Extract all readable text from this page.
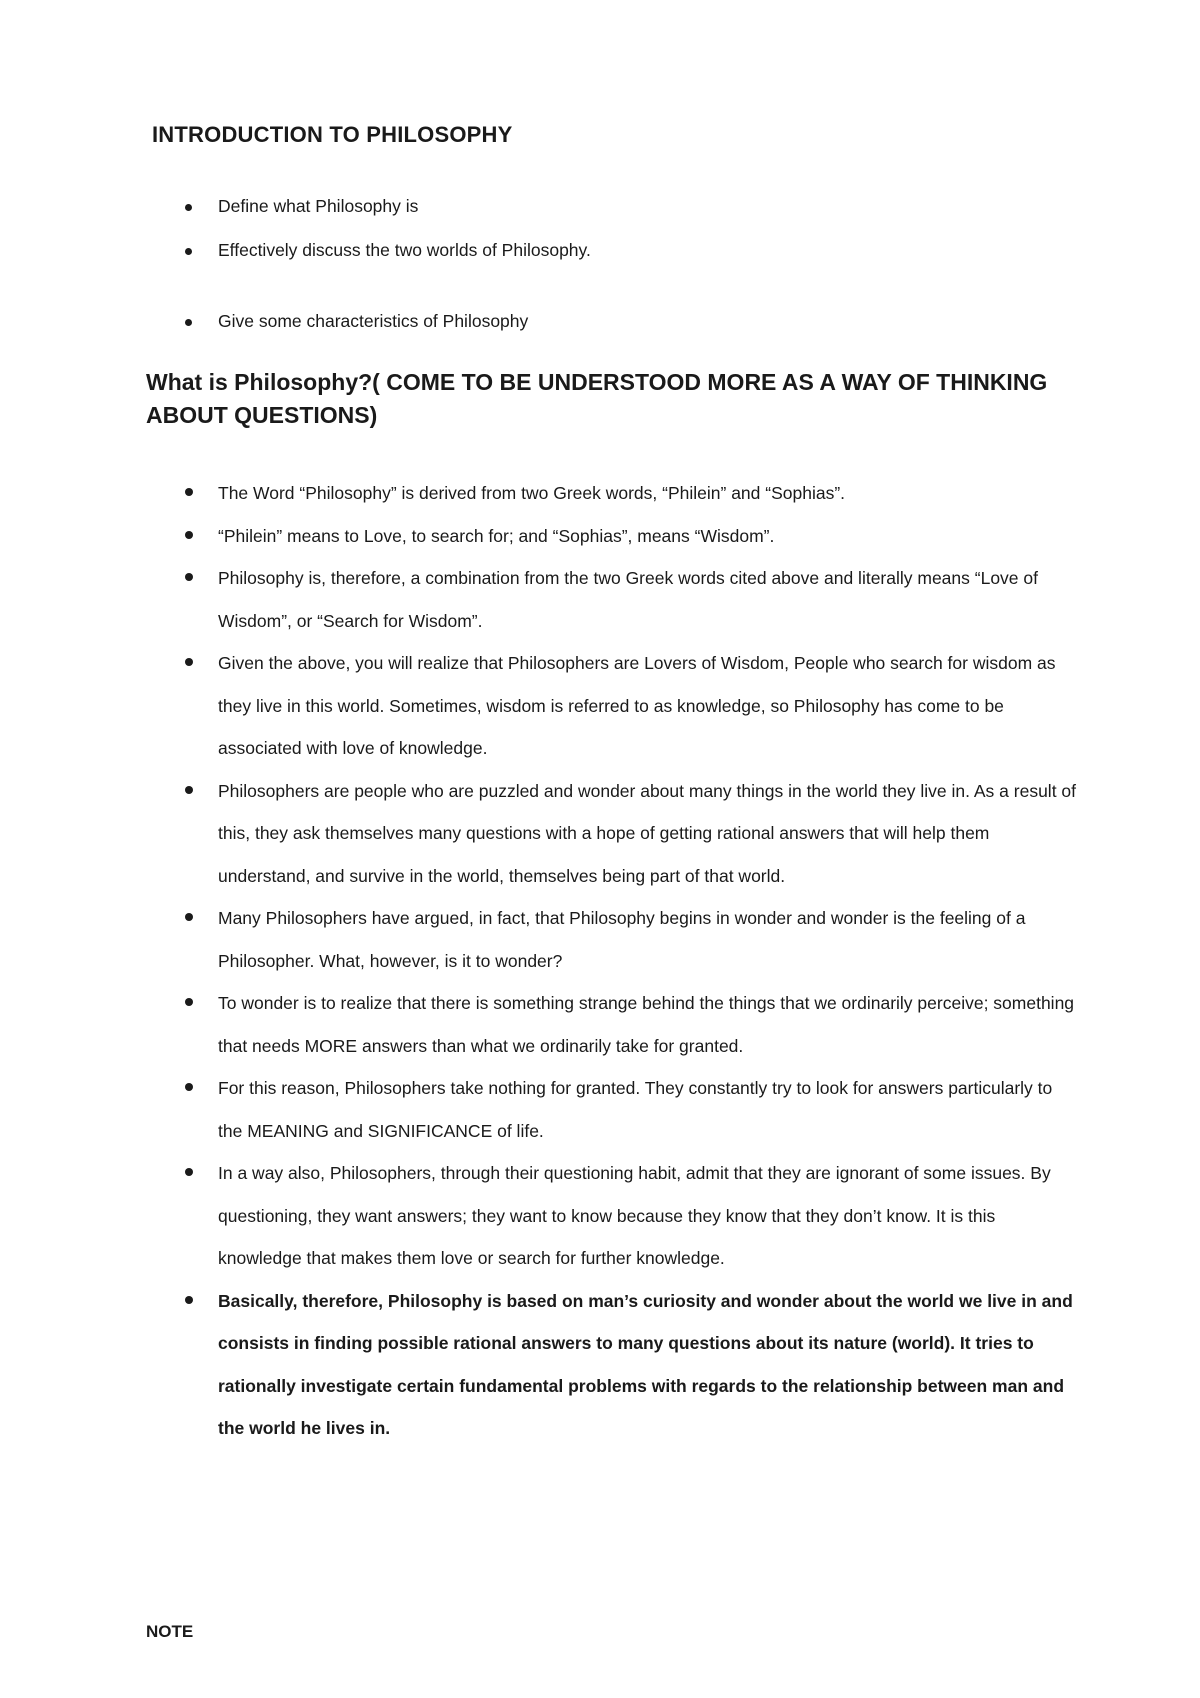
INTRODUCTION TO PHILOSOPHY
Define what Philosophy is
Effectively discuss the two worlds of Philosophy.
Give some characteristics of Philosophy
What is Philosophy?( COME TO BE UNDERSTOOD MORE AS A WAY OF THINKING ABOUT QUESTIONS)
The Word “Philosophy” is derived from two Greek words, “Philein” and “Sophias”.
“Philein” means to Love, to search for; and “Sophias”, means “Wisdom”.
Philosophy is, therefore, a combination from the two Greek words cited above and literally means “Love of Wisdom”, or “Search for Wisdom”.
Given the above, you will realize that Philosophers are Lovers of Wisdom, People who search for wisdom as they live in this world. Sometimes, wisdom is referred to as knowledge, so Philosophy has come to be associated with love of knowledge.
Philosophers are people who are puzzled and wonder about many things in the world they live in. As a result of this, they ask themselves many questions with a hope of getting rational answers that will help them understand, and survive in the world, themselves being part of that world.
Many Philosophers have argued, in fact, that Philosophy begins in wonder and wonder is the feeling of a Philosopher. What, however, is it to wonder?
To wonder is to realize that there is something strange behind the things that we ordinarily perceive; something that needs MORE answers than what we ordinarily take for granted.
For this reason, Philosophers take nothing for granted. They constantly try to look for answers particularly to the MEANING and SIGNIFICANCE of life.
In a way also, Philosophers, through their questioning habit, admit that they are ignorant of some issues. By questioning, they want answers; they want to know because they know that they don’t know. It is this knowledge that makes them love or search for further knowledge.
Basically, therefore, Philosophy is based on man’s curiosity and wonder about the world we live in and consists in finding possible rational answers to many questions about its nature (world). It tries to rationally investigate certain fundamental problems with regards to the relationship between man and the world he lives in.
NOTE
